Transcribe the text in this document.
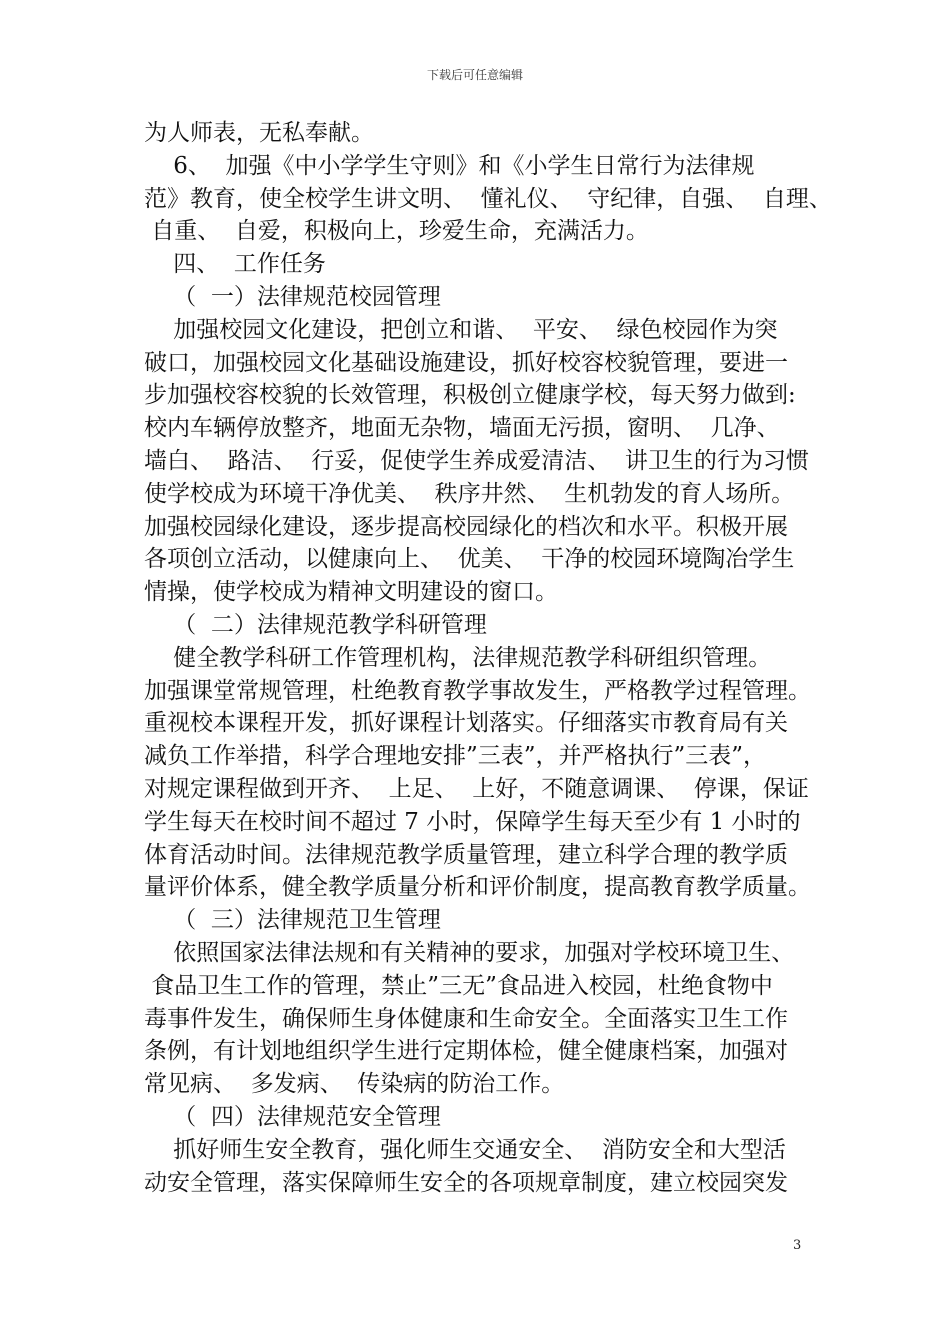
下载后可任意编辑
为人师表，无私奉献。
6、  加强《中小学学生守则》和《小学生日常行为法律规
范》教育，使全校学生讲文明、  懂礼仪、  守纪律，自强、  自理、
自重、  自爱，积极向上，珍爱生命，充满活力。
四、  工作任务
（  一）法律规范校园管理
加强校园文化建设，把创立和谐、  平安、  绿色校园作为突
破口，加强校园文化基础设施建设，抓好校容校貌管理，要进一
步加强校容校貌的长效管理，积极创立健康学校，每天努力做到:
校内车辆停放整齐，地面无杂物，墙面无污损，窗明、  几净、
墙白、  路洁、  行妥，促使学生养成爱清洁、  讲卫生的行为习惯
使学校成为环境干净优美、  秩序井然、  生机勃发的育人场所。
加强校园绿化建设，逐步提高校园绿化的档次和水平。积极开展
各项创立活动，以健康向上、  优美、  干净的校园环境陶冶学生
情操，使学校成为精神文明建设的窗口。
（  二）法律规范教学科研管理
健全教学科研工作管理机构，法律规范教学科研组织管理。
加强课堂常规管理，杜绝教育教学事故发生，严格教学过程管理。
重视校本课程开发，抓好课程计划落实。仔细落实市教育局有关
减负工作举措，科学合理地安排”三表”，并严格执行”三表”，
对规定课程做到开齐、  上足、  上好，不随意调课、  停课，保证
学生每天在校时间不超过 7 小时，保障学生每天至少有 1 小时的
体育活动时间。法律规范教学质量管理，建立科学合理的教学质
量评价体系，健全教学质量分析和评价制度，提高教育教学质量。
（  三）法律规范卫生管理
依照国家法律法规和有关精神的要求，加强对学校环境卫生、
食品卫生工作的管理，禁止”三无”食品进入校园，杜绝食物中
毒事件发生，确保师生身体健康和生命安全。全面落实卫生工作
条例，有计划地组织学生进行定期体检，健全健康档案，加强对
常见病、  多发病、  传染病的防治工作。
（  四）法律规范安全管理
抓好师生安全教育，强化师生交通安全、  消防安全和大型活
动安全管理，落实保障师生安全的各项规章制度，建立校园突发
3
